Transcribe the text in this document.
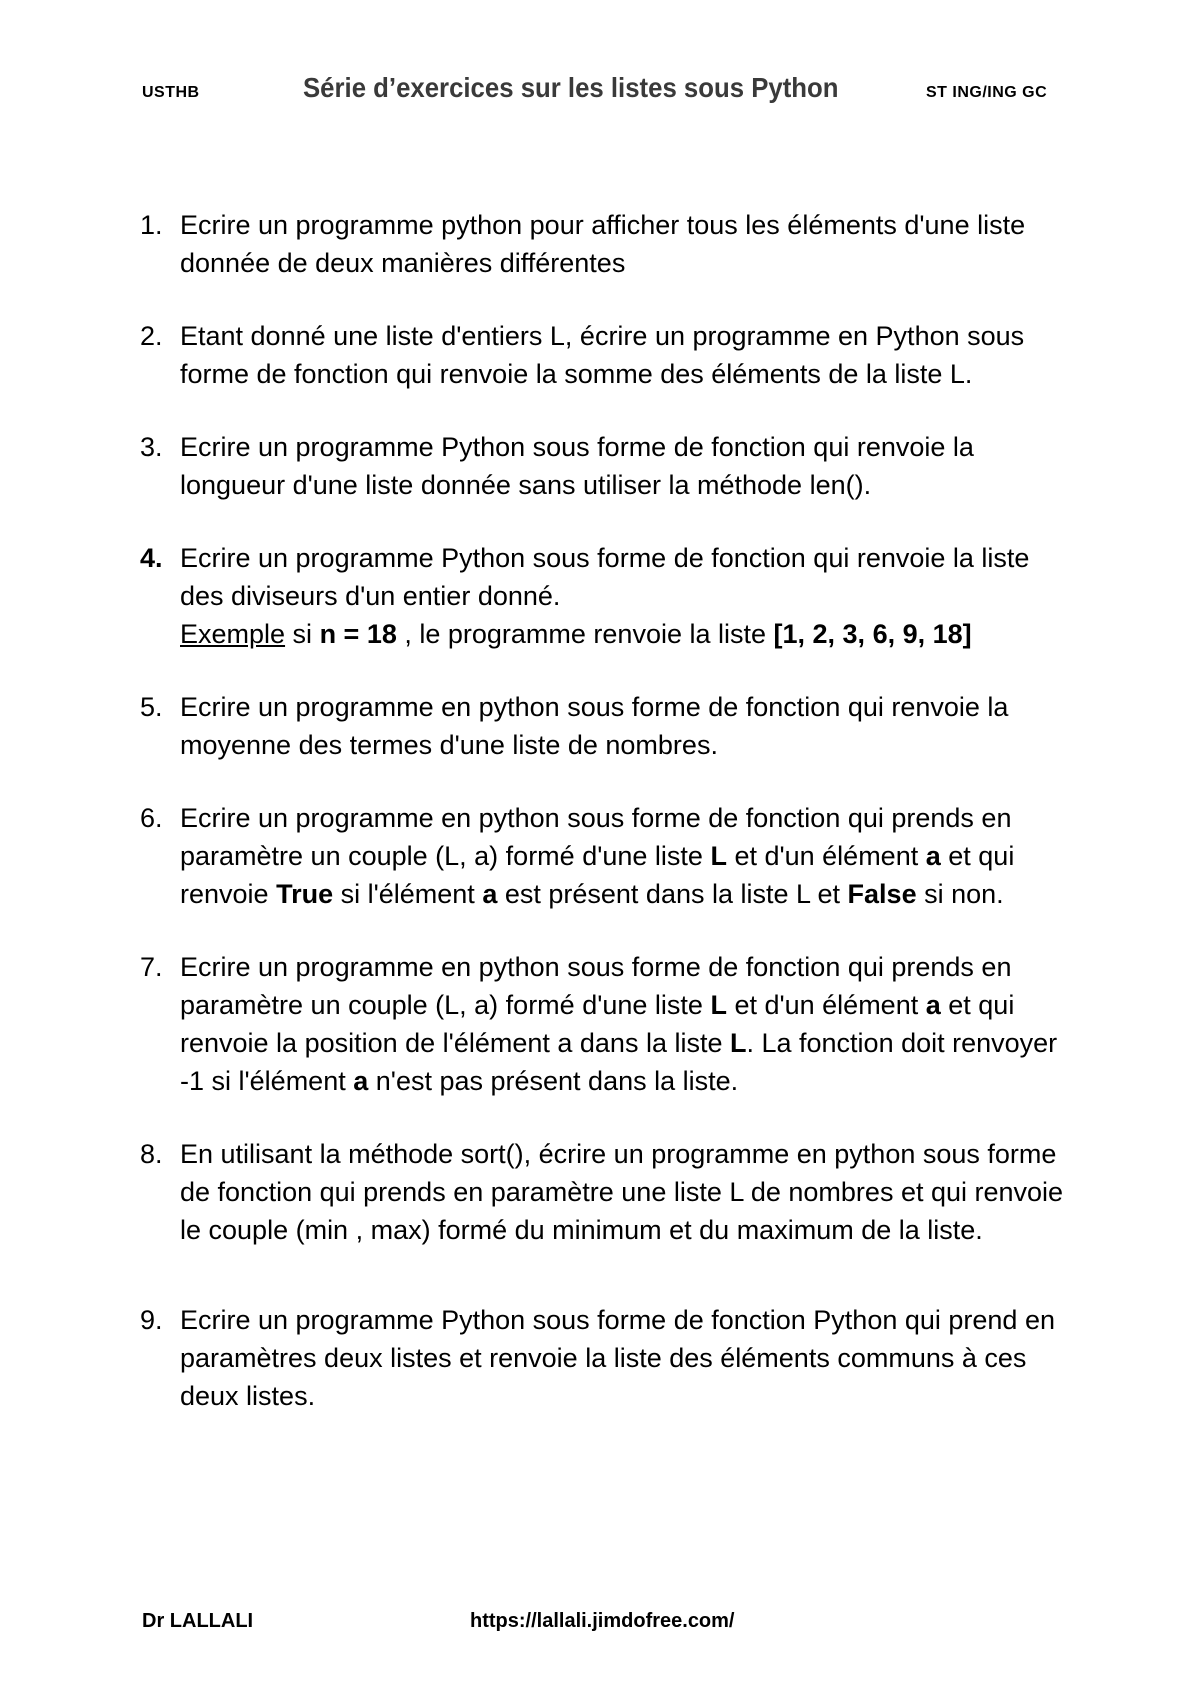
USTHB	Série d’exercices sur les listes sous Python	ST ING/ING GC
1. Ecrire un programme python pour afficher tous les éléments d'une liste
donnée de deux manières différentes
2. Etant donné une liste d'entiers L, écrire un programme en Python sous
forme de fonction qui renvoie la somme des éléments de la liste L.
3. Ecrire un programme Python sous forme de fonction qui renvoie la
longueur d'une liste donnée sans utiliser la méthode len().
4. Ecrire un programme Python sous forme de fonction qui renvoie la liste
des diviseurs d'un entier donné.
Exemple si n = 18 , le programme renvoie la liste [1, 2, 3, 6, 9, 18]
5. Ecrire un programme en python sous forme de fonction qui renvoie la
moyenne des termes d'une liste de nombres.
6. Ecrire un programme en python sous forme de fonction qui prends en
paramètre un couple (L, a) formé d'une liste L et d'un élément a et qui
renvoie True si l'élément a est présent dans la liste L et False si non.
7. Ecrire un programme en python sous forme de fonction qui prends en
paramètre un couple (L, a) formé d'une liste L et d'un élément a et qui
renvoie la position de l'élément a dans la liste L. La fonction doit renvoyer
-1 si l'élément a n'est pas présent dans la liste.
8. En utilisant la méthode sort(), écrire un programme en python sous forme
de fonction qui prends en paramètre une liste L de nombres et qui renvoie
le couple (min , max) formé du minimum et du maximum de la liste.
9. Ecrire un programme Python sous forme de fonction Python qui prend en
paramètres deux listes et renvoie la liste des éléments communs à ces
deux listes.
Dr LALLALI	https://lallali.jimdofree.com/
